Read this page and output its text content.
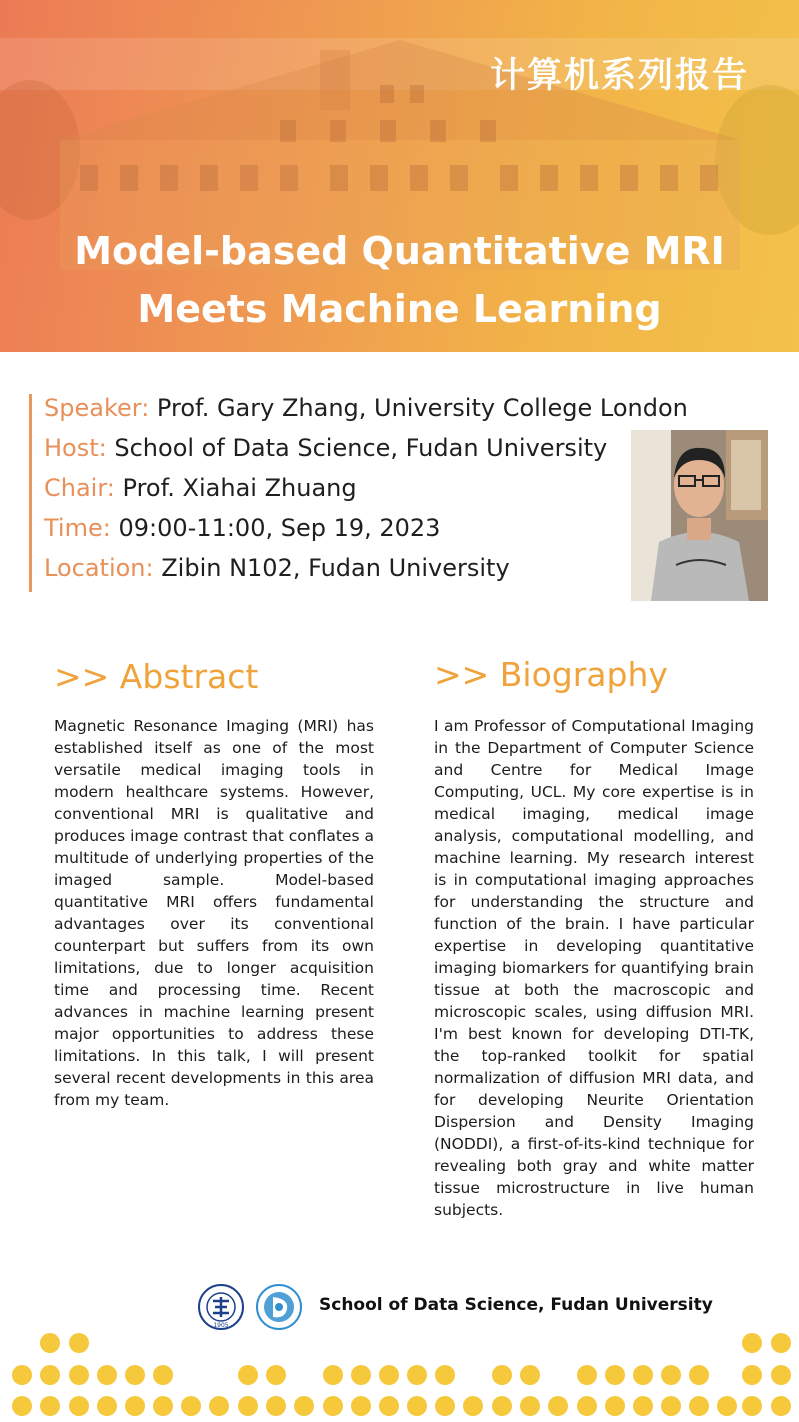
计算机系列报告
Model-based Quantitative MRI
Meets Machine Learning
Speaker: Prof. Gary Zhang, University College London
Host: School of Data Science, Fudan University
Chair: Prof. Xiahai Zhuang
Time: 09:00-11:00, Sep 19, 2023
Location: Zibin N102, Fudan University
>> Abstract

Magnetic Resonance Imaging (MRI) has established itself as one of the most versatile medical imaging tools in modern healthcare systems. However, conventional MRI is qualitative and produces image contrast that conflates a multitude of underlying properties of the imaged sample. Model-based quantitative MRI offers fundamental advantages over its conventional counterpart but suffers from its own limitations, due to longer acquisition time and processing time. Recent advances in machine learning present major opportunities to address these limitations. In this talk, I will present several recent developments in this area from my team.

>> Biography

I am Professor of Computational Imaging in the Department of Computer Science and Centre for Medical Image Computing, UCL. My core expertise is in medical imaging, medical image analysis, computational modelling, and machine learning. My research interest is in computational imaging approaches for understanding the structure and function of the brain. I have particular expertise in developing quantitative imaging biomarkers for quantifying brain tissue at both the macroscopic and microscopic scales, using diffusion MRI. I'm best known for developing DTI-TK, the top-ranked toolkit for spatial normalization of diffusion MRI data, and for developing Neurite Orientation Dispersion and Density Imaging (NODDI), a first-of-its-kind technique for revealing both gray and white matter tissue microstructure in live human subjects.

1905
School of Data Science, Fudan University
